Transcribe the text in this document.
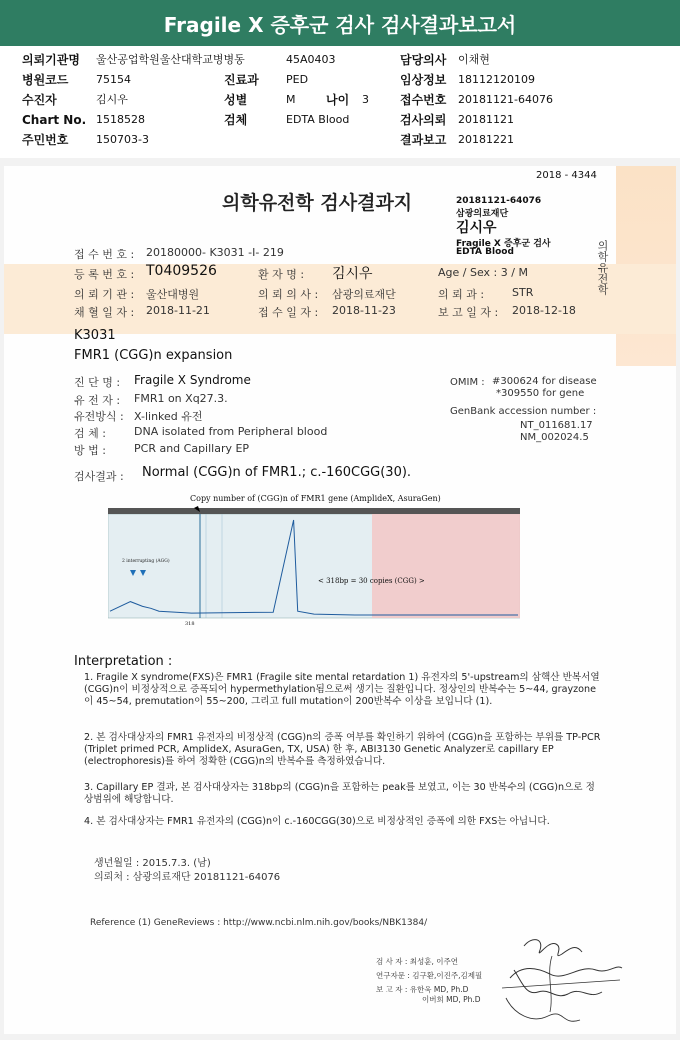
Fragile X 증후군 검사 검사결과보고서
의뢰기관명 울산공업학원울산대학교병병동	45A0403	담당의사 이채현
병원코드	75154	진료과 PED	임상정보 18112120109
수진자	김시우	성별	M	나이 3	접수번호 20181121-64076
Chart No. 1518528	검체	EDTA Blood	검사의뢰 20181121
주민번호	150703-3	결과보고 20181221
2018 - 4344
의학유전학 검사결과지	20181121-64076
삼광의료재단
김시우
Fragile X 증후군 검사
EDTA Blood	의학유전학
접 수 번 호 : 20180000- K3031 -I- 219
등 록 번 호 : T0409526	환 자 명 : 김시우	Age / Sex : 3 / M
의 뢰 기 관 : 울산대병원	의 뢰 의 사 : 삼광의료재단	의 뢰 과 :	STR
채 혈 일 자 : 2018-11-21	접 수 일 자 : 2018-11-23	보 고 일 자 : 2018-12-18
K3031
FMR1 (CGG)n expansion
진 단 명 : Fragile X Syndrome
유 전 자 : FMR1 on Xq27.3.
유전방식 : X-linked 유전
검 체 :	DNA isolated from Peripheral blood
방 법 :	PCR and Capillary EP
OMIM : #300624 for disease
*309550 for gene
GenBank accession number :
NT_011681.17
NM_002024.5
검사결과 : Normal (CGG)n of FMR1.; c.-160CGG(30).
Copy number of (CGG)n of FMR1 gene (AmplideX, AsuraGen)
2 interrupting (AGG)
< 318bp = 30 copies (CGG) >
318
Interpretation :
1. Fragile X syndrome(FXS)은 FMR1 (Fragile site mental retardation 1) 유전자의 5'-upstream의 삼핵산 반복서열 (CGG)n이 비정상적으로 증폭되어 hypermethylation됨으로써 생기는 질환입니다. 정상인의 반복수는 5~44, grayzone이 45~54, premutation이 55~200, 그리고 full mutation이 200반복수 이상을 보입니다 (1).
2. 본 검사대상자의 FMR1 유전자의 비정상적 (CGG)n의 증폭 여부를 확인하기 위하여 (CGG)n을 포함하는 부위를 TP-PCR (Triplet primed PCR, AmplideX, AsuraGen, TX, USA) 한 후, ABI3130 Genetic Analyzer로 capillary EP (electrophoresis)를 하여 정확한 (CGG)n의 반복수를 측정하였습니다.
3. Capillary EP 결과, 본 검사대상자는 318bp의 (CGG)n을 포함하는 peak를 보였고, 이는 30 반복수의 (CGG)n으로 정상범위에 해당합니다.
4. 본 검사대상자는 FMR1 유전자의 (CGG)n이 c.-160CGG(30)으로 비정상적인 증폭에 의한 FXS는 아닙니다.
생년월일 : 2015.7.3. (남)
의뢰처 : 삼광의료재단 20181121-64076
Reference (1) GeneReviews : http://www.ncbi.nlm.nih.gov/books/NBK1384/
검 사 자 : 최성훈, 이주연
연구자문 : 김구환,이진주,김제필
보 고 자 : 유한욱 MD, Ph.D
이버희 MD, Ph.D
